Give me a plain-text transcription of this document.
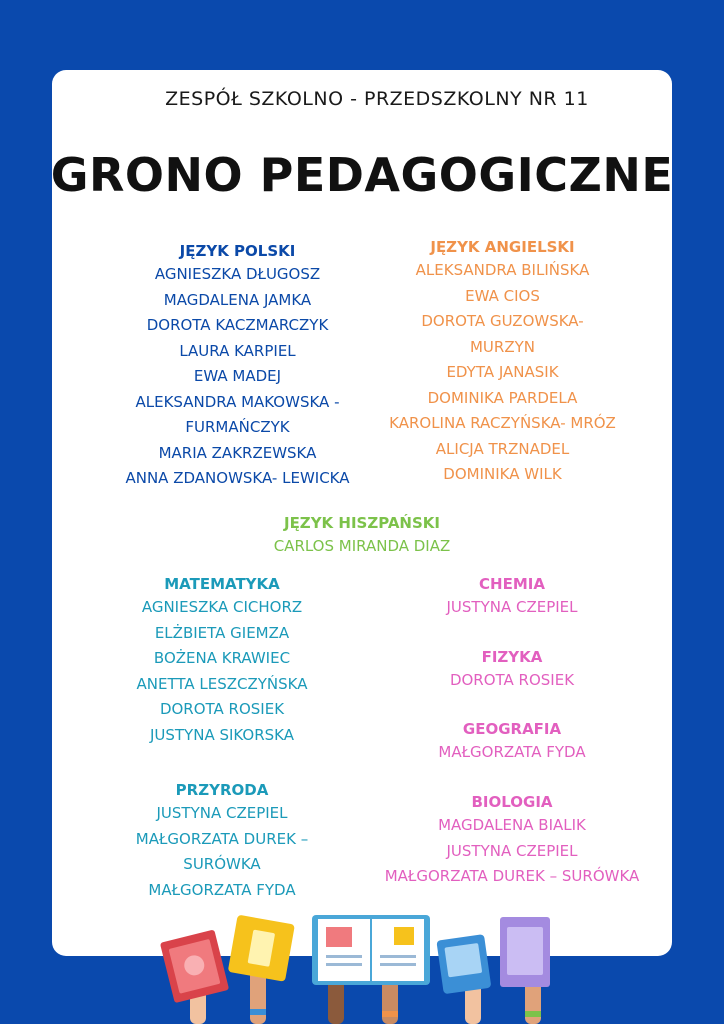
ZESPÓŁ SZKOLNO - PRZEDSZKOLNY NR 11
GRONO PEDAGOGICZNE
JĘZYK POLSKI
AGNIESZKA DŁUGOSZ
MAGDALENA JAMKA
DOROTA KACZMARCZYK
LAURA KARPIEL
EWA MADEJ
ALEKSANDRA MAKOWSKA -
FURMAŃCZYK
MARIA ZAKRZEWSKA
ANNA ZDANOWSKA- LEWICKA
JĘZYK ANGIELSKI
ALEKSANDRA BILIŃSKA
EWA CIOS
DOROTA GUZOWSKA-
MURZYN
EDYTA JANASIK
DOMINIKA PARDELA
KAROLINA RACZYŃSKA- MRÓZ
ALICJA TRZNADEL
DOMINIKA WILK
JĘZYK HISZPAŃSKI
CARLOS MIRANDA DIAZ
MATEMATYKA
AGNIESZKA CICHORZ
ELŻBIETA GIEMZA
BOŻENA KRAWIEC
ANETTA LESZCZYŃSKA
DOROTA ROSIEK
JUSTYNA SIKORSKA
PRZYRODA
JUSTYNA CZEPIEL
MAŁGORZATA DUREK –
SURÓWKA
MAŁGORZATA FYDA
CHEMIA
JUSTYNA CZEPIEL
FIZYKA
DOROTA ROSIEK
GEOGRAFIA
MAŁGORZATA FYDA
BIOLOGIA
MAGDALENA BIALIK
JUSTYNA CZEPIEL
MAŁGORZATA DUREK – SURÓWKA
